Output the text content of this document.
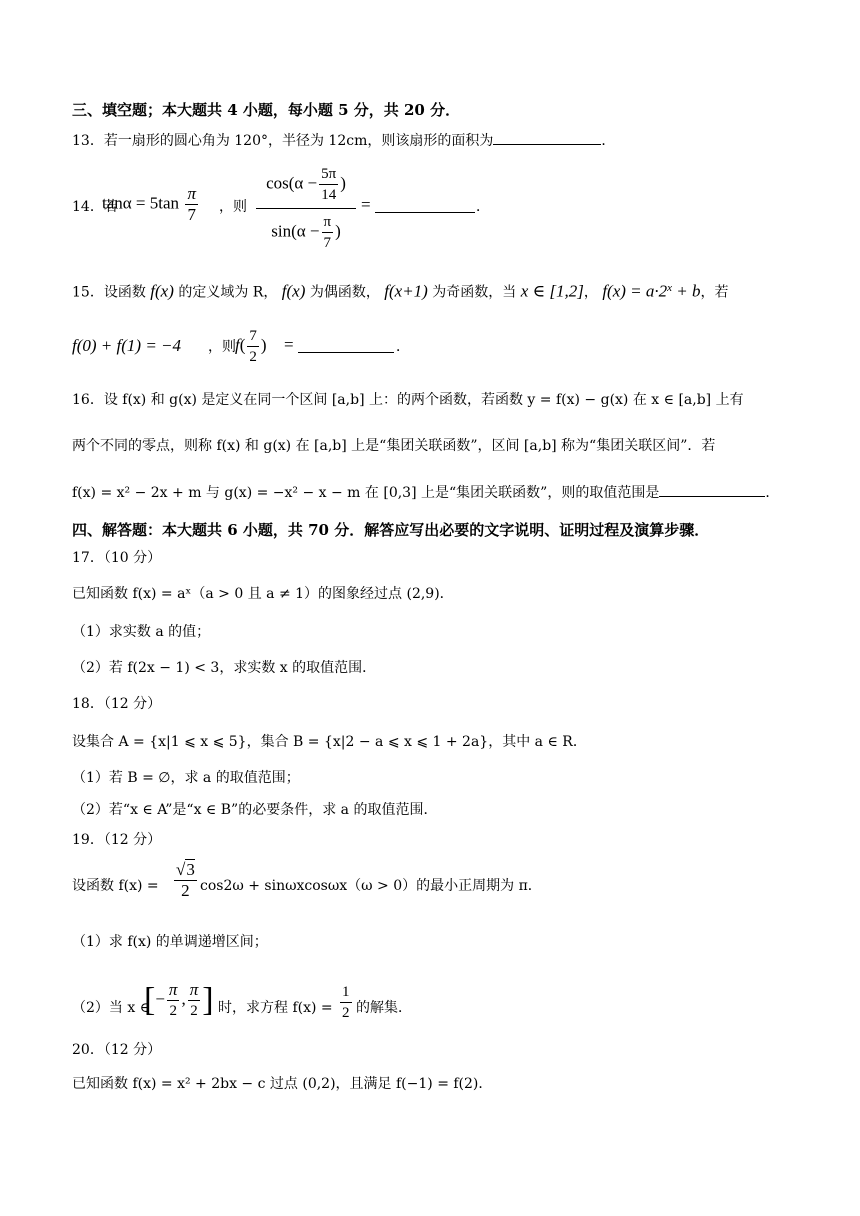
三、填空题；本大题共 4 小题，每小题 5 分，共 20 分．
13．若一扇形的圆心角为 120°，半径为 12cm，则该扇形的面积为	．
14．若
$\tan\alpha = 5\tan \frac{\pi}{7}$ ，则
$\cos(\alpha - \frac{5\pi}{14}$ )
$\sin(\alpha - \frac{\pi}{7}$ )
=	．
15．设函数 f(x) 的定义域为 R， f(x) 为偶函数， f(x+1) 为奇函数，当 x ∈ [1,2]， $f(x) = a\cdot 2^x + b$，若
f(0) + f(1) = −4 ，则 $f( \frac{7}{2}$ ) =	．
16．设 f(x) 和 g(x) 是定义在同一个区间 [a,b] 上：的两个函数，若函数 y = f(x) − g(x) 在 x ∈ [a,b] 上有
两个不同的零点，则称 f(x) 和 g(x) 在 [a,b] 上是“集团关联函数”，区间 [a,b] 称为“集团关联区间”．若
f(x) = x² − 2x + m 与 g(x) = −x² − x − m 在 [0,3] 上是“集团关联函数”，则的取值范围是	．
四、解答题：本大题共 6 小题，共 70 分．解答应写出必要的文字说明、证明过程及演算步骤．
17．（10 分）
已知函数 f(x) = aˣ（a > 0 且 a ≠ 1）的图象经过点 (2,9)．
（1）求实数 a 的值；
（2）若 f(2x − 1) < 3，求实数 x 的取值范围．
18．（12 分）
设集合 A = {x|1 ⩽ x ⩽ 5}，集合 B = {x|2 − a ⩽ x ⩽ 1 + 2a}，其中 a ∈ R．
（1）若 B = ∅，求 a 的取值范围；
（2）若“x ∈ A”是“x ∈ B”的必要条件，求 a 的取值范围．
19．（12 分）
设函数 $f(x) = \frac{√3}{2} \cos 2\omega + \sin\omega xcos\omega x(\omega > 0)$的最小正周期为 π．
（1）求 f(x) 的单调递增区间；
（2）当 x ∈
[− $\frac{\pi}{2}$ , $\frac{\pi}{2}$ ] 时，求方程 $f(x) = \frac{1}{2}$ 的解集．
20．（12 分）
已知函数 f(x) = x² + 2bx − c 过点 (0,2)，且满足 f(−1) = f(2)．
